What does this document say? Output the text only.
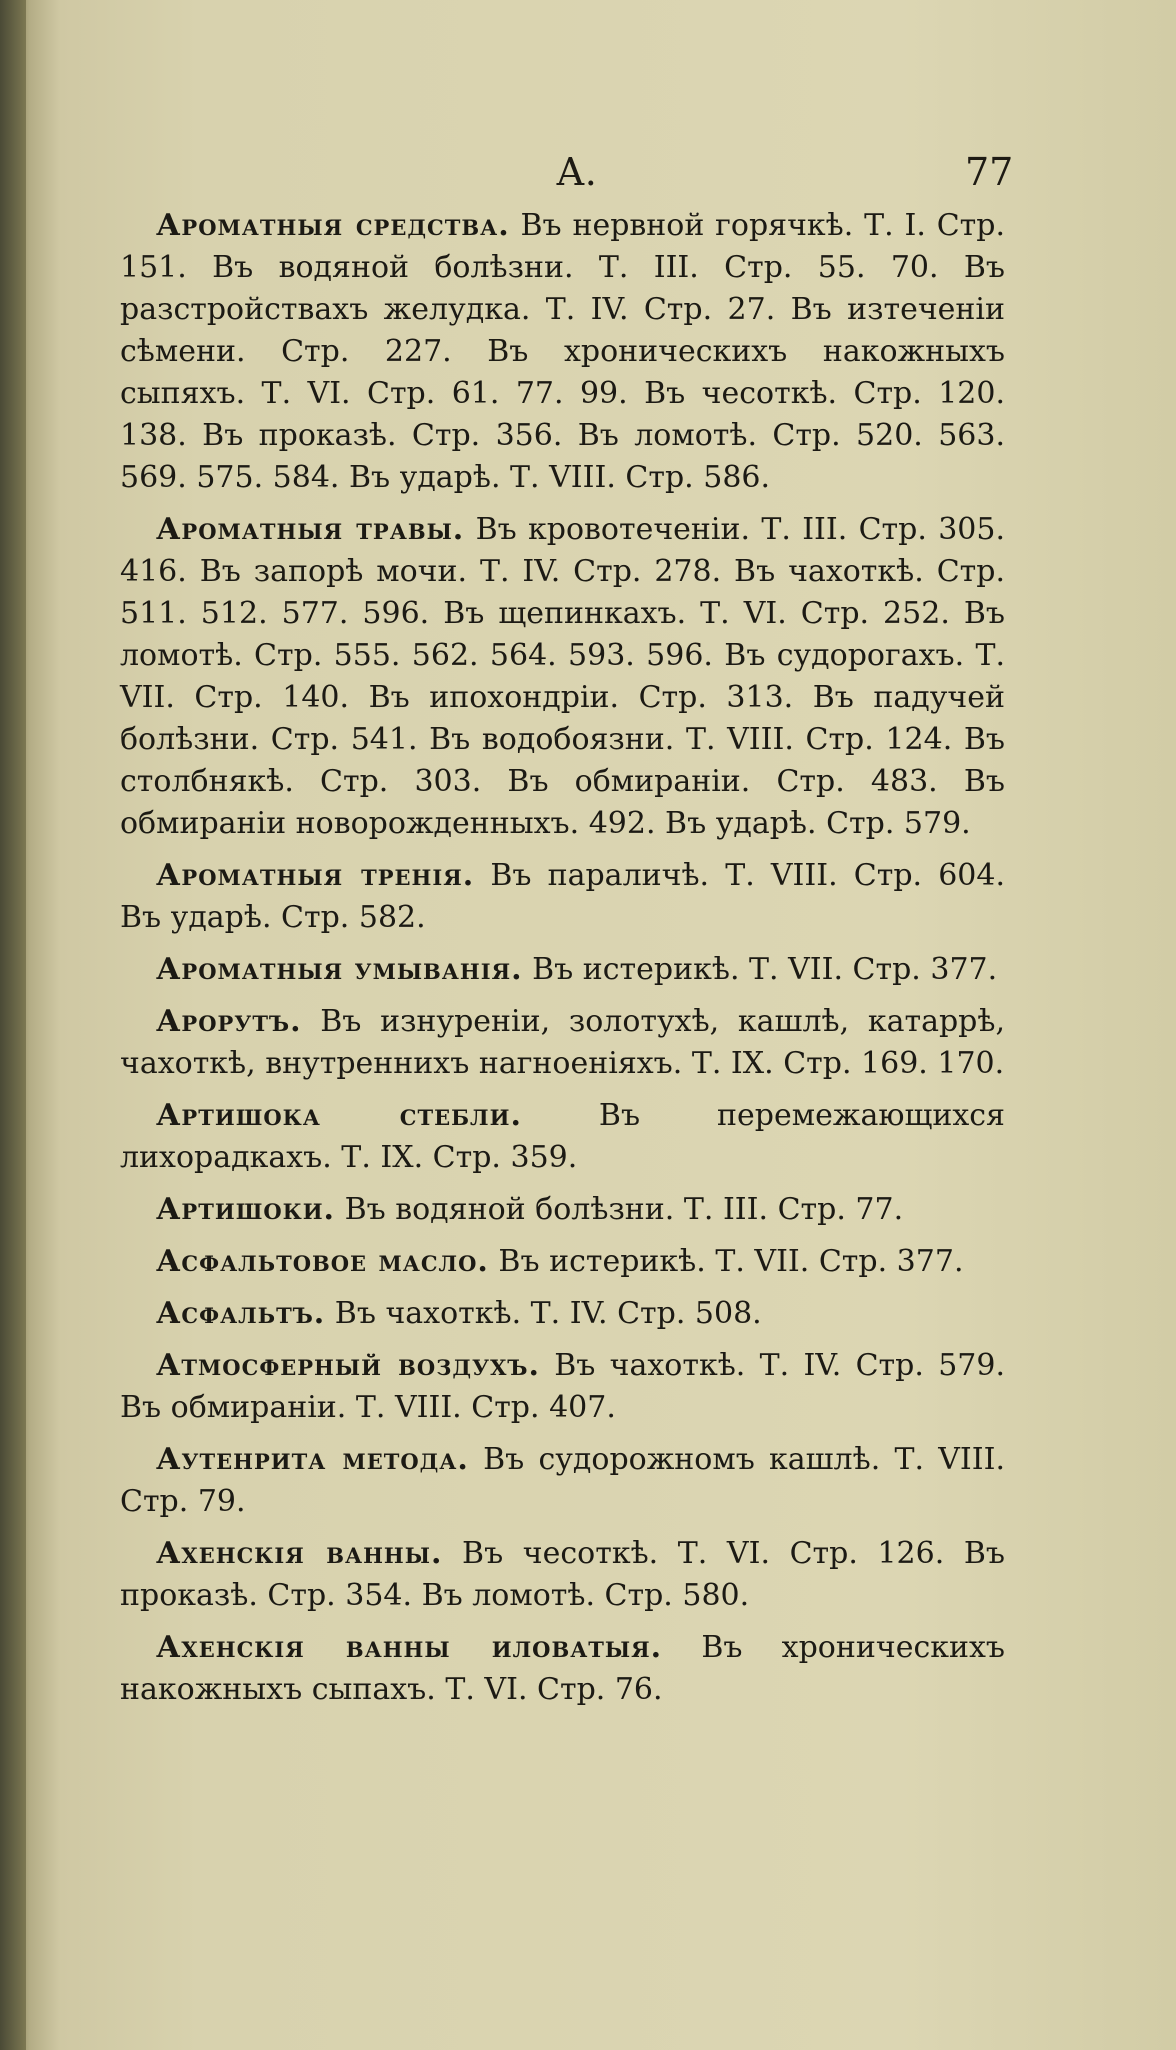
А.	77

Ароматныя средства. Въ нервной горячкѣ. Т. I. Стр. 151. Въ водяной болѣзни. Т. III. Стр. 55. 70. Въ разстройствахъ желудка. Т. IV. Стр. 27. Въ изтеченіи сѣмени. Стр. 227. Въ хроническихъ накожныхъ сыпяхъ. Т. VI. Стр. 61. 77. 99. Въ чесоткѣ. Стр. 120. 138. Въ проказѣ. Стр. 356. Въ ломотѣ. Стр. 520. 563. 569. 575. 584. Въ ударѣ. Т. VIII. Стр. 586.

Ароматныя травы. Въ кровотеченіи. Т. III. Стр. 305. 416. Въ запорѣ мочи. Т. IV. Стр. 278. Въ чахоткѣ. Стр. 511. 512. 577. 596. Въ щепинкахъ. Т. VI. Стр. 252. Въ ломотѣ. Стр. 555. 562. 564. 593. 596. Въ судорогахъ. Т. VII. Стр. 140. Въ ипохондріи. Стр. 313. Въ падучей болѣзни. Стр. 541. Въ водобоязни. Т. VIII. Стр. 124. Въ столбнякѣ. Стр. 303. Въ обмираніи. Стр. 483. Въ обмираніи новорожденныхъ. 492. Въ ударѣ. Стр. 579.

Ароматныя тренія. Въ параличѣ. Т. VIII. Стр. 604. Въ ударѣ. Стр. 582.

Ароматныя умыванія. Въ истерикѣ. Т. VII. Стр. 377.

Арорутъ. Въ изнуреніи, золотухѣ, кашлѣ, катаррѣ, чахоткѣ, внутреннихъ нагноеніяхъ. Т. IX. Стр. 169. 170.

Артишока стебли.	Въ перемежающихся лихорадкахъ. Т. IX. Стр. 359.

Артишоки. Въ водяной болѣзни. Т. III. Стр. 77.

Асфальтовое масло. Въ истерикѣ. Т. VII. Стр. 377.

Асфальтъ. Въ чахоткѣ. Т. IV. Стр. 508.

Атмосферный воздухъ. Въ чахоткѣ. Т. IV. Стр. 579. Въ обмираніи. Т. VIII. Стр. 407.

Аутенрита метода. Въ судорожномъ кашлѣ. Т. VIII. Стр. 79.

Ахенскія ванны. Въ чесоткѣ. Т. VI. Стр. 126. Въ проказѣ. Стр. 354. Въ ломотѣ. Стр. 580.

Ахенскія ванны иловатыя. Въ хроническихъ накожныхъ сыпахъ. Т. VI. Стр. 76.
